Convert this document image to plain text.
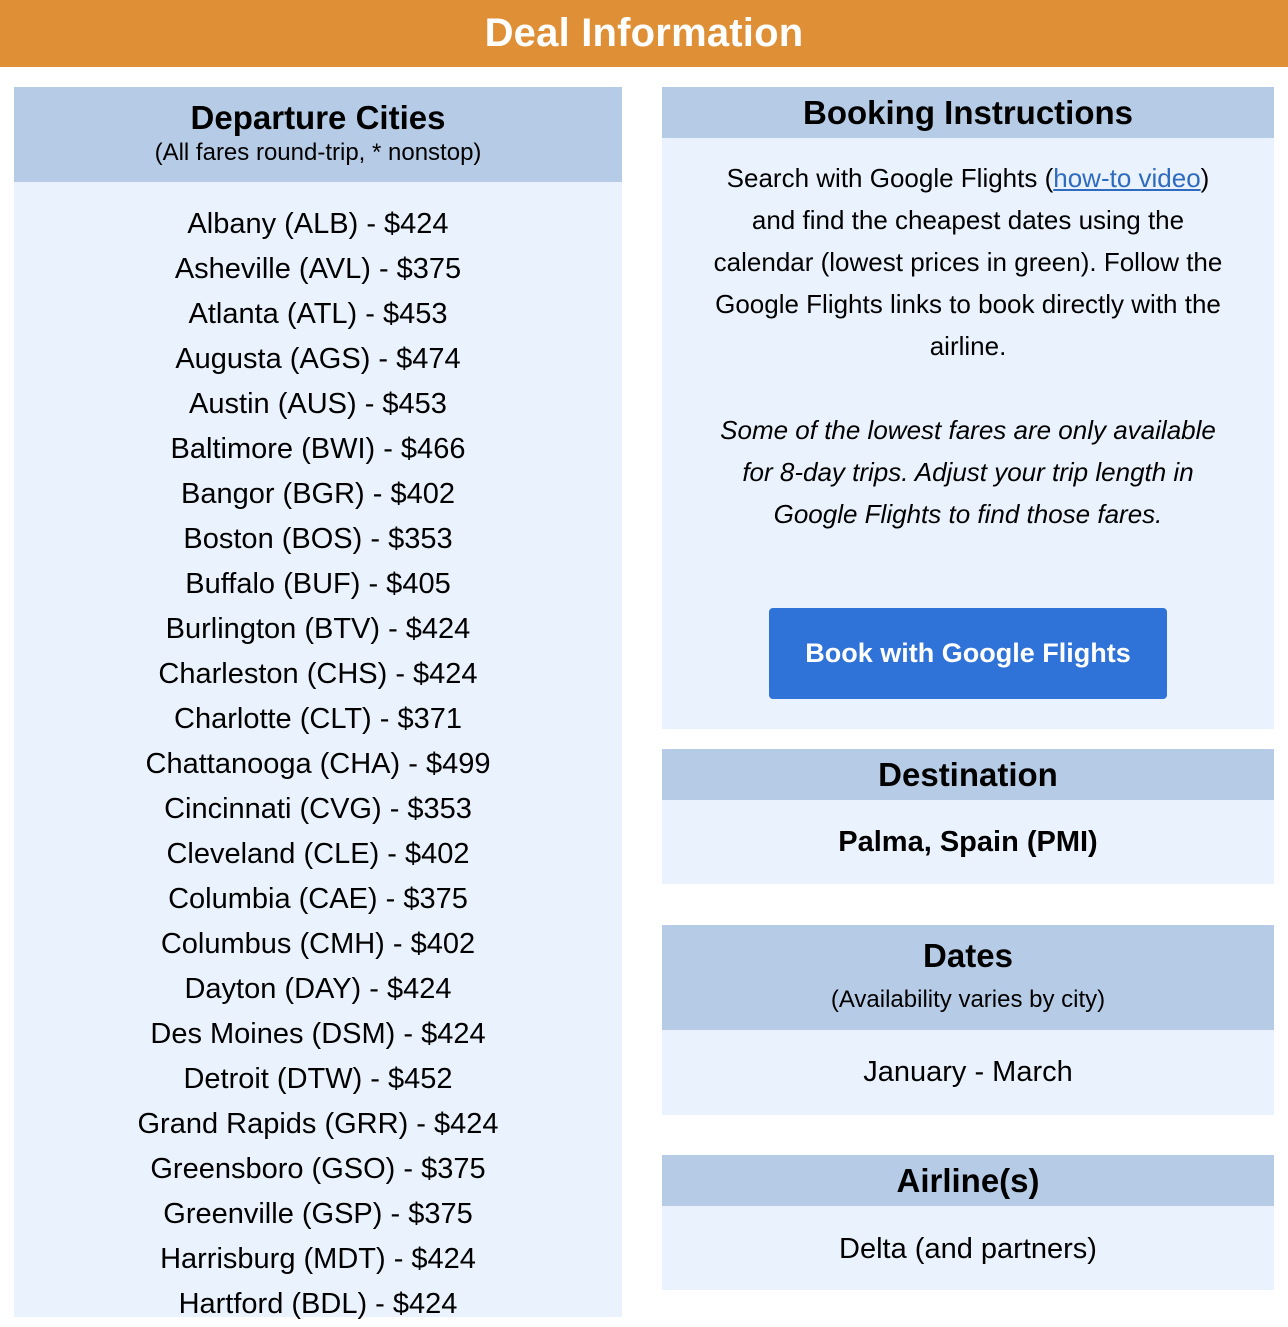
Deal Information
Departure Cities
(All fares round-trip, * nonstop)
Albany (ALB) - $424
Asheville (AVL) - $375
Atlanta (ATL) - $453
Augusta (AGS) - $474
Austin (AUS) - $453
Baltimore (BWI) - $466
Bangor (BGR) - $402
Boston (BOS) - $353
Buffalo (BUF) - $405
Burlington (BTV) - $424
Charleston (CHS) - $424
Charlotte (CLT) - $371
Chattanooga (CHA) - $499
Cincinnati (CVG) - $353
Cleveland (CLE) - $402
Columbia (CAE) - $375
Columbus (CMH) - $402
Dayton (DAY) - $424
Des Moines (DSM) - $424
Detroit (DTW) - $452
Grand Rapids (GRR) - $424
Greensboro (GSO) - $375
Greenville (GSP) - $375
Harrisburg (MDT) - $424
Hartford (BDL) - $424
Booking Instructions
Search with Google Flights (how-to video) and find the cheapest dates using the calendar (lowest prices in green). Follow the Google Flights links to book directly with the airline.
Some of the lowest fares are only available for 8-day trips. Adjust your trip length in Google Flights to find those fares.
Book with Google Flights
Destination
Palma, Spain (PMI)
Dates
(Availability varies by city)
January - March
Airline(s)
Delta (and partners)
